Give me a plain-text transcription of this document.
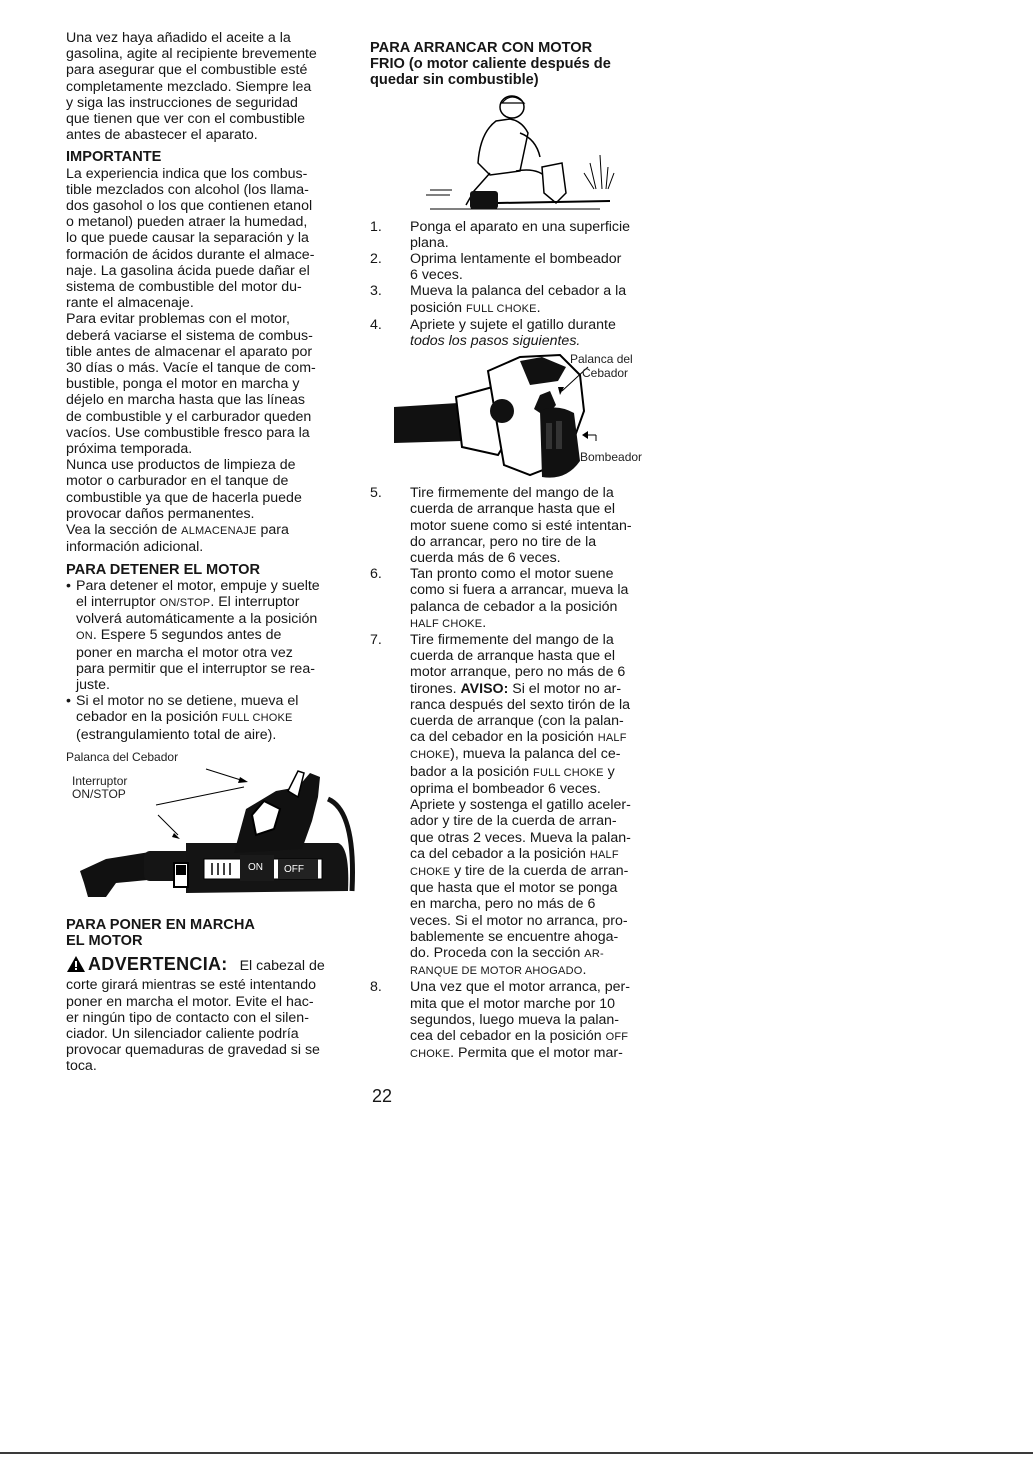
Una vez haya añadido el aceite a la
gasolina, agite al recipiente brevemente
para asegurar que el combustible esté
completamente mezclado. Siempre lea
y siga las instrucciones de seguridad
que tienen que ver con el combustible
antes de abastecer el aparato.
IMPORTANTE
La experiencia indica que los combus-
tible mezclados con alcohol (los llama-
dos gasohol o los que contienen etanol
o metanol) pueden atraer la humedad,
lo que puede causar la separación y la
formación de ácidos durante el almace-
naje. La gasolina ácida puede dañar el
sistema de combustible del motor du-
rante el almacenaje.
Para evitar problemas con el motor,
deberá vaciarse el sistema de combus-
tible antes de almacenar el aparato por
30 días o más. Vacíe el tanque de com-
bustible, ponga el motor en marcha y
déjelo en marcha hasta que las líneas
de combustible y el carburador queden
vacíos. Use combustible fresco para la
próxima temporada.
Nunca use productos de limpieza de
motor o carburador en el tanque de
combustible ya que de hacerla puede
provocar daños permanentes.
Vea la sección de ALMACENAJE para
información adicional.
PARA DETENER EL MOTOR
• Para detener el motor, empuje y suelte
el interruptor ON/STOP. El interruptor
volverá automáticamente a la posición
ON. Espere 5 segundos antes de
poner en marcha el motor otra vez
para permitir que el interruptor se rea-
juste.
• Si el motor no se detiene, mueva el
cebador en la posición FULL CHOKE
(estrangulamiento total de aire).
Palanca del Cebador
Interruptor
ON/STOP
ON OFF
PARA PONER EN MARCHA
EL MOTOR
ADVERTENCIA: El cabezal de
corte girará mientras se esté intentando
poner en marcha el motor. Evite el hac-
er ningún tipo de contacto con el silen-
ciador. Un silenciador caliente podría
provocar quemaduras de gravedad si se
toca.
PARA ARRANCAR CON MOTOR
FRIO (o motor caliente después de
quedar sin combustible)
1. Ponga el aparato en una superficie
plana.
2. Oprima lentamente el bombeador
6 veces.
3. Mueva la palanca del cebador a la
posición FULL CHOKE.
4. Apriete y sujete el gatillo durante
todos los pasos siguientes.
Palanca del
Cebador
Bombeador
5. Tire firmemente del mango de la
cuerda de arranque hasta que el
motor suene como si esté intentan-
do arrancar, pero no tire de la
cuerda más de 6 veces.
6. Tan pronto como el motor suene
como si fuera a arrancar, mueva la
palanca de cebador a la posición
HALF CHOKE.
7. Tire firmemente del mango de la
cuerda de arranque hasta que el
motor arranque, pero no más de 6
tirones. AVISO: Si el motor no ar-
ranca después del sexto tirón de la
cuerda de arranque (con la palan-
ca del cebador en la posición HALF
CHOKE), mueva la palanca del ce-
bador a la posición FULL CHOKE y
oprima el bombeador 6 veces.
Apriete y sostenga el gatillo aceler-
ador y tire de la cuerda de arran-
que otras 2 veces. Mueva la palan-
ca del cebador a la posición HALF
CHOKE y tire de la cuerda de arran-
que hasta que el motor se ponga
en marcha, pero no más de 6
veces. Si el motor no arranca, pro-
bablemente se encuentre ahoga-
do. Proceda con la sección AR-
RANQUE DE MOTOR AHOGADO.
8. Una vez que el motor arranca, per-
mita que el motor marche por 10
segundos, luego mueva la palan-
cea del cebador en la posición OFF
CHOKE. Permita que el motor mar-
22
